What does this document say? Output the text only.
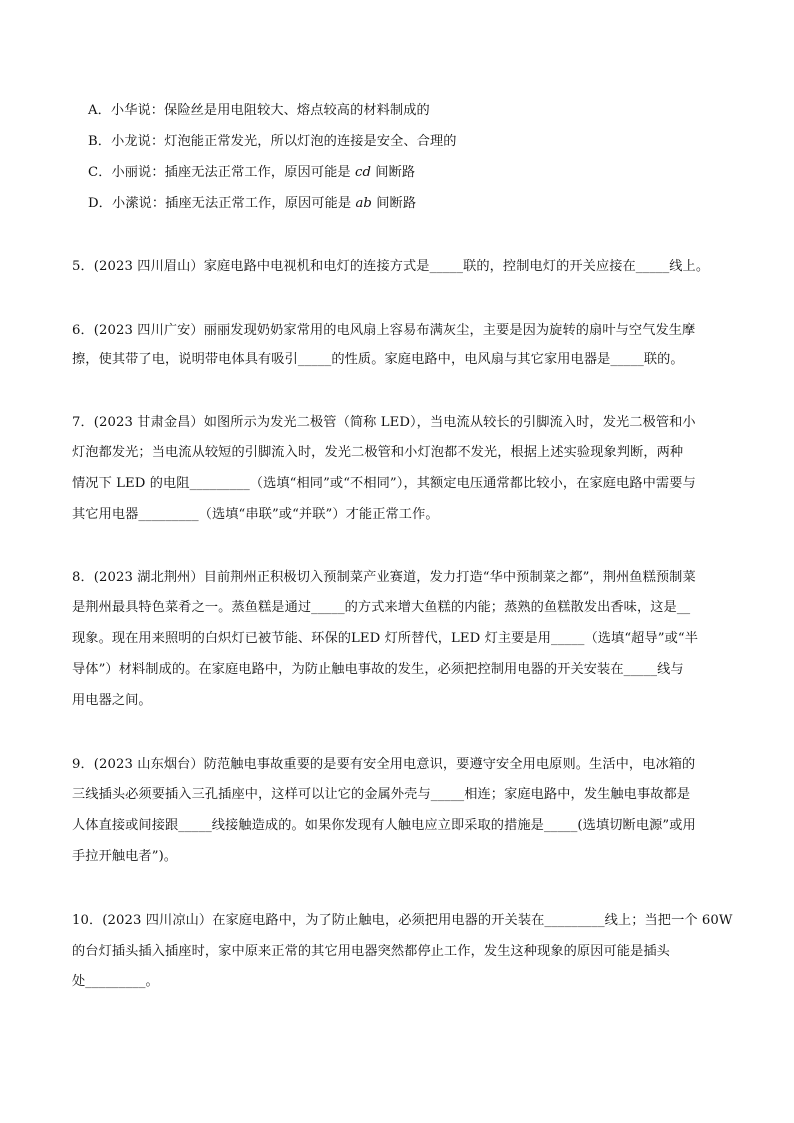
A．小华说：保险丝是用电阻较大、熔点较高的材料制成的
B．小龙说：灯泡能正常发光，所以灯泡的连接是安全、合理的
C．小丽说：插座无法正常工作，原因可能是 cd 间断路
D．小潆说：插座无法正常工作，原因可能是 ab 间断路
5．(2023 四川眉山）家庭电路中电视机和电灯的连接方式是_____联的，控制电灯的开关应接在_____线上。
6．(2023 四川广安）丽丽发现奶奶家常用的电风扇上容易布满灰尘，主要是因为旋转的扇叶与空气发生摩
擦，使其带了电，说明带电体具有吸引_____的性质。家庭电路中，电风扇与其它家用电器是_____联的。
7．(2023 甘肃金昌）如图所示为发光二极管（简称 LED），当电流从较长的引脚流入时，发光二极管和小
灯泡都发光；当电流从较短的引脚流入时，发光二极管和小灯泡都不发光，根据上述实验现象判断，两种
情况下 LED 的电阻_________（选填“相同”或“不相同”），其额定电压通常都比较小，在家庭电路中需要与
其它用电器_________（选填“串联”或“并联”）才能正常工作。
8．(2023 湖北荆州）目前荆州正积极切入预制菜产业赛道，发力打造“华中预制菜之都”，荆州鱼糕预制菜
是荆州最具特色菜肴之一。蒸鱼糕是通过_____的方式来增大鱼糕的内能；蒸熟的鱼糕散发出香味，这是__
现象。现在用来照明的白炽灯已被节能、环保的LED 灯所替代，LED 灯主要是用_____（选填“超导”或“半
导体”）材料制成的。在家庭电路中，为防止触电事故的发生，必须把控制用电器的开关安装在_____线与
用电器之间。
9．(2023 山东烟台）防范触电事故重要的是要有安全用电意识，要遵守安全用电原则。生活中，电冰箱的
三线插头必须要插入三孔插座中，这样可以让它的金属外壳与_____相连；家庭电路中，发生触电事故都是
人体直接或间接跟_____线接触造成的。如果你发现有人触电应立即采取的措施是_____(选填切断电源”或用
手拉开触电者”)。
10．(2023 四川凉山）在家庭电路中，为了防止触电，必须把用电器的开关装在_________线上；当把一个 60W
的台灯插头插入插座时，家中原来正常的其它用电器突然都停止工作，发生这种现象的原因可能是插头
处_________。
